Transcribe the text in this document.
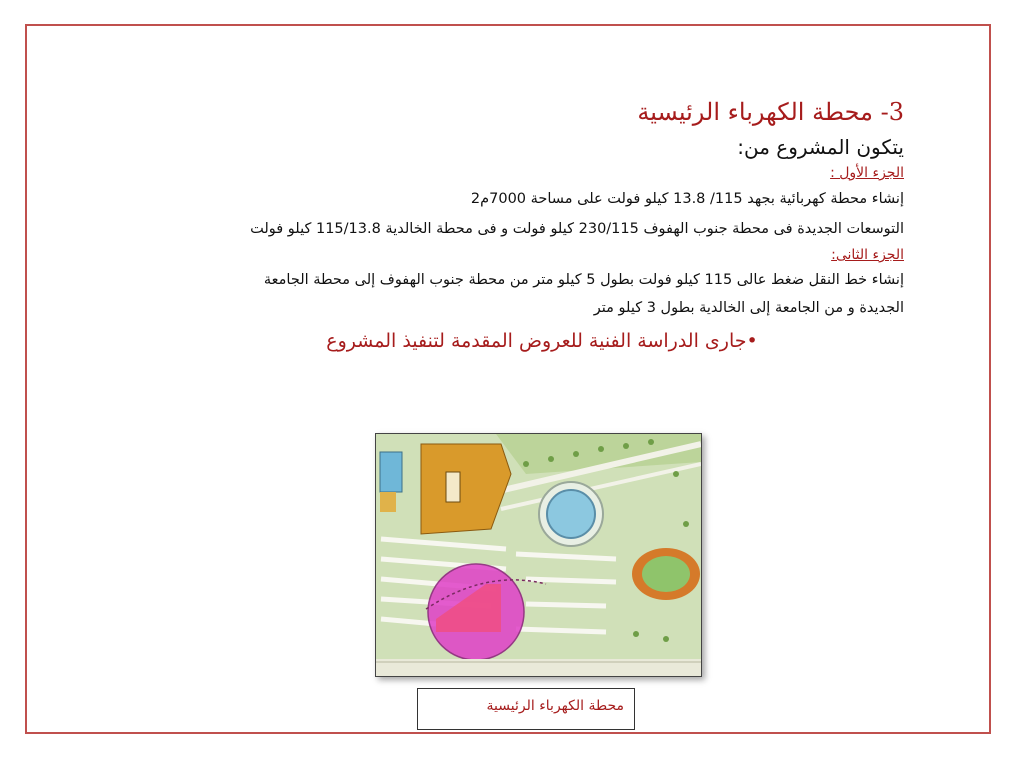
3- محطة الكهرباء الرئيسية

يتكون المشروع من:

الجزء الأول :

إنشاء محطة كهربائية بجهد 115/ 13.8 كيلو فولت على مساحة 7000م2

التوسعات الجديدة فى محطة جنوب الهفوف 230/115 كيلو فولت و فى محطة الخالدية 115/13.8 كيلو فولت

الجزء الثانى:

إنشاء خط النقل ضغط عالى 115 كيلو فولت بطول 5 كيلو متر من محطة جنوب الهفوف إلى محطة الجامعة

الجديدة و من الجامعة إلى الخالدية بطول 3 كيلو متر

•جارى الدراسة الفنية للعروض المقدمة لتنفيذ المشروع
محطة الكهرباء الرئيسية
